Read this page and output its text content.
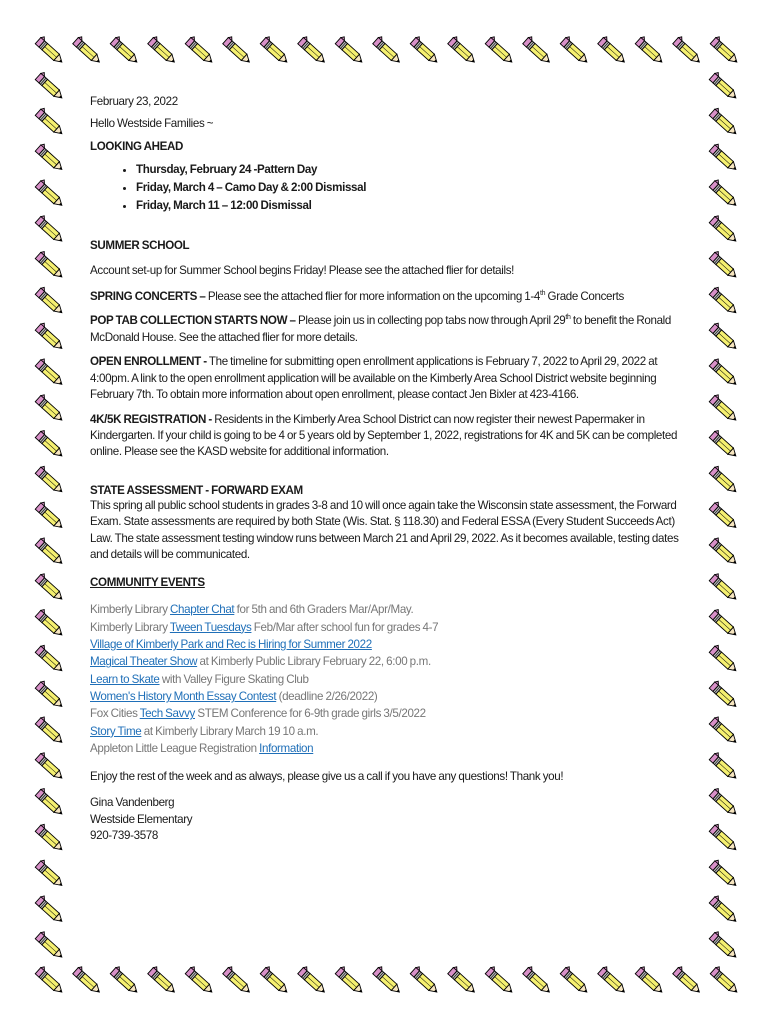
February 23, 2022

Hello Westside Families ~

LOOKING AHEAD

• Thursday, February 24 -Pattern Day
• Friday, March 4 – Camo Day & 2:00 Dismissal
• Friday, March 11 – 12:00 Dismissal

SUMMER SCHOOL

Account set-up for Summer School begins Friday! Please see the attached flier for details!

SPRING CONCERTS – Please see the attached flier for more information on the upcoming 1-4th Grade Concerts

POP TAB COLLECTION STARTS NOW – Please join us in collecting pop tabs now through April 29th to benefit the Ronald McDonald House. See the attached flier for more details.

OPEN ENROLLMENT - The timeline for submitting open enrollment applications is February 7, 2022 to April 29, 2022 at 4:00pm. A link to the open enrollment application will be available on the Kimberly Area School District website beginning February 7th. To obtain more information about open enrollment, please contact Jen Bixler at 423-4166.

4K/5K REGISTRATION - Residents in the Kimberly Area School District can now register their newest Papermaker in Kindergarten. If your child is going to be 4 or 5 years old by September 1, 2022, registrations for 4K and 5K can be completed online. Please see the KASD website for additional information.

STATE ASSESSMENT - FORWARD EXAM

This spring all public school students in grades 3-8 and 10 will once again take the Wisconsin state assessment, the Forward Exam. State assessments are required by both State (Wis. Stat. § 118.30) and Federal ESSA (Every Student Succeeds Act) Law. The state assessment testing window runs between March 21 and April 29, 2022. As it becomes available, testing dates and details will be communicated.

COMMUNITY EVENTS

Kimberly Library Chapter Chat for 5th and 6th Graders Mar/Apr/May.

Kimberly Library Tween Tuesdays Feb/Mar after school fun for grades 4-7

Village of Kimberly Park and Rec is Hiring for Summer 2022

Magical Theater Show at Kimberly Public Library February 22, 6:00 p.m.

Learn to Skate with Valley Figure Skating Club

Women's History Month Essay Contest (deadline 2/26/2022)

Fox Cities Tech Savvy STEM Conference for 6-9th grade girls 3/5/2022

Story Time at Kimberly Library March 19 10 a.m.

Appleton Little League Registration Information

Enjoy the rest of the week and as always, please give us a call if you have any questions! Thank you!

Gina Vandenberg

Westside Elementary

920-739-3578
